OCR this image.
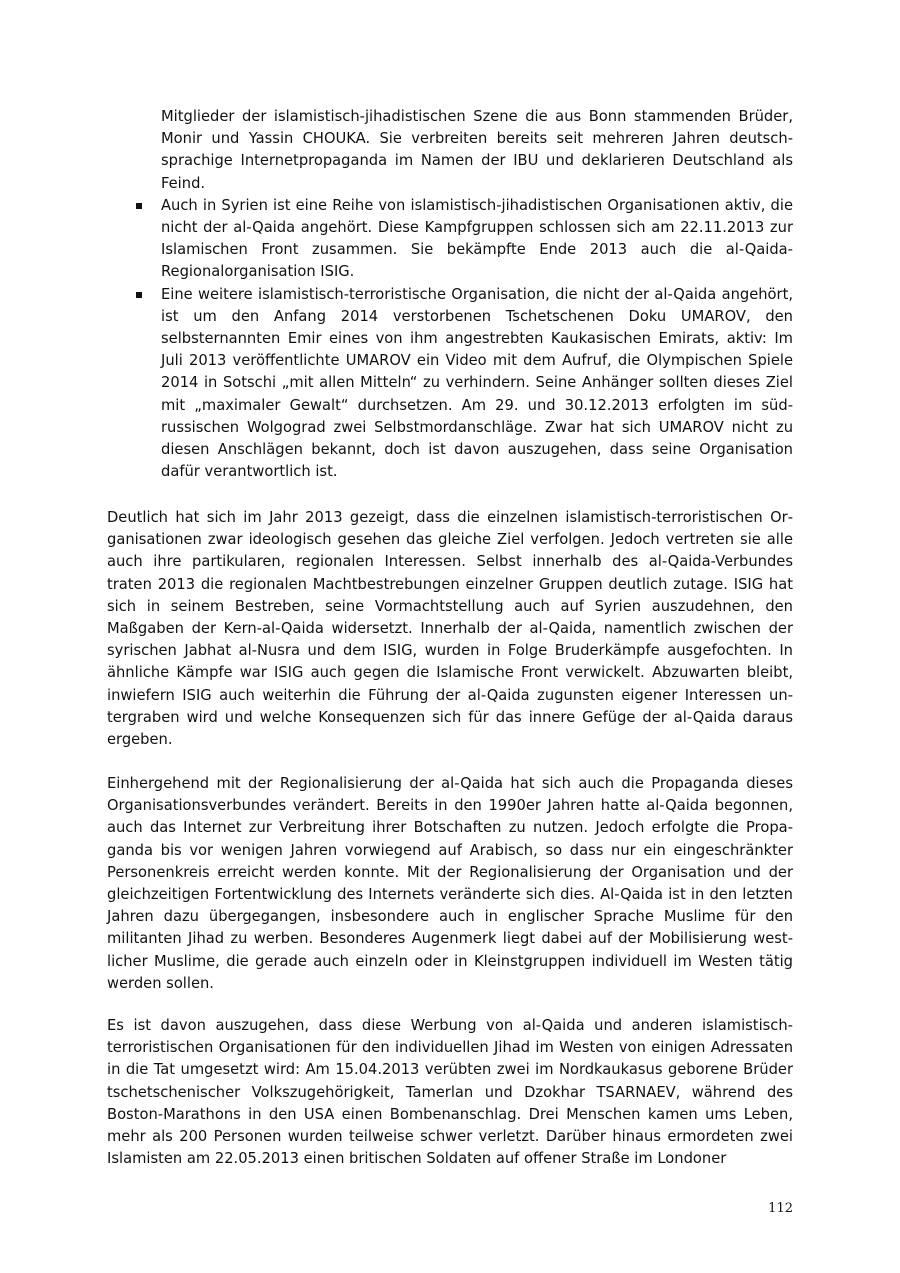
Mitglieder der islamistisch-jihadistischen Szene die aus Bonn stammenden Brüder, Monir und Yassin CHOUKA. Sie verbreiten bereits seit mehreren Jahren deutschsprachige Internetpropaganda im Namen der IBU und deklarieren Deutschland als Feind.
Auch in Syrien ist eine Reihe von islamistisch-jihadistischen Organisationen aktiv, die nicht der al-Qaida angehört. Diese Kampfgruppen schlossen sich am 22.11.2013 zur Islamischen Front zusammen. Sie bekämpfte Ende 2013 auch die al-Qaida-Regionalorganisation ISIG.
Eine weitere islamistisch-terroristische Organisation, die nicht der al-Qaida angehört, ist um den Anfang 2014 verstorbenen Tschetschenen Doku UMAROV, den selbsternannten Emir eines von ihm angestrebten Kaukasischen Emirats, aktiv: Im Juli 2013 veröffentlichte UMAROV ein Video mit dem Aufruf, die Olympischen Spiele 2014 in Sotschi „mit allen Mitteln“ zu verhindern. Seine Anhänger sollten dieses Ziel mit „maximaler Gewalt“ durchsetzen. Am 29. und 30.12.2013 erfolgten im südrussischen Wolgograd zwei Selbstmordanschläge. Zwar hat sich UMAROV nicht zu diesen Anschlägen bekannt, doch ist davon auszugehen, dass seine Organisation dafür verantwortlich ist.

Deutlich hat sich im Jahr 2013 gezeigt, dass die einzelnen islamistisch-terroristischen Organisationen zwar ideologisch gesehen das gleiche Ziel verfolgen. Jedoch vertreten sie alle auch ihre partikularen, regionalen Interessen. Selbst innerhalb des al-Qaida-Verbundes traten 2013 die regionalen Machtbestrebungen einzelner Gruppen deutlich zutage. ISIG hat sich in seinem Bestreben, seine Vormachtstellung auch auf Syrien auszudehnen, den Maßgaben der Kern-al-Qaida widersetzt. Innerhalb der al-Qaida, namentlich zwischen der syrischen Jabhat al-Nusra und dem ISIG, wurden in Folge Bruderkämpfe ausgefochten. In ähnliche Kämpfe war ISIG auch gegen die Islamische Front verwickelt. Abzuwarten bleibt, inwiefern ISIG auch weiterhin die Führung der al-Qaida zugunsten eigener Interessen untergraben wird und welche Konsequenzen sich für das innere Gefüge der al-Qaida daraus ergeben.

Einhergehend mit der Regionalisierung der al-Qaida hat sich auch die Propaganda dieses Organisationsverbundes verändert. Bereits in den 1990er Jahren hatte al-Qaida begonnen, auch das Internet zur Verbreitung ihrer Botschaften zu nutzen. Jedoch erfolgte die Propaganda bis vor wenigen Jahren vorwiegend auf Arabisch, so dass nur ein eingeschränkter Personenkreis erreicht werden konnte. Mit der Regionalisierung der Organisation und der gleichzeitigen Fortentwicklung des Internets veränderte sich dies. Al-Qaida ist in den letzten Jahren dazu übergegangen, insbesondere auch in englischer Sprache Muslime für den militanten Jihad zu werben. Besonderes Augenmerk liegt dabei auf der Mobilisierung westlicher Muslime, die gerade auch einzeln oder in Kleinstgruppen individuell im Westen tätig werden sollen.

Es ist davon auszugehen, dass diese Werbung von al-Qaida und anderen islamistisch-terroristischen Organisationen für den individuellen Jihad im Westen von einigen Adressaten in die Tat umgesetzt wird: Am 15.04.2013 verübten zwei im Nordkaukasus geborene Brüder tschetschenischer Volkszugehörigkeit, Tamerlan und Dzokhar TSARNAEV, während des Boston-Marathons in den USA einen Bombenanschlag. Drei Menschen kamen ums Leben, mehr als 200 Personen wurden teilweise schwer verletzt. Darüber hinaus ermordeten zwei Islamisten am 22.05.2013 einen britischen Soldaten auf offener Straße im Londoner

112
